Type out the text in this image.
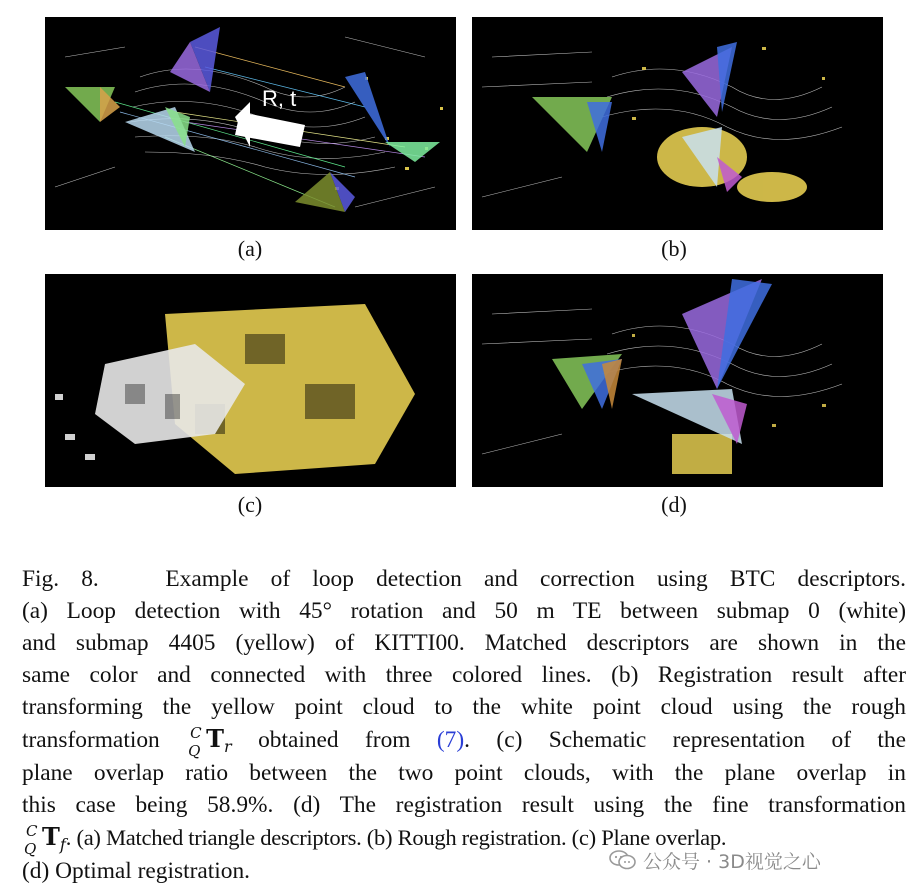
R, t
(a)	(b)
(c)	(d)
Fig. 8.   Example of loop detection and correction using BTC descriptors.
(a) Loop detection with 45° rotation and 50 m TE between submap 0 (white)
and submap 4405 (yellow) of KITTI00. Matched descriptors are shown in the
same color and connected with three colored lines. (b) Registration result after
transforming the yellow point cloud to the white point cloud using the rough
transformation C
Q $T_r$ obtained from (7). (c) Schematic representation of the
plane overlap ratio between the two point clouds, with the plane overlap in
this case being 58.9%. (d) The registration result using the fine transformation
C
Q $T_f$. (a) Matched triangle descriptors. (b) Rough registration. (c) Plane overlap.
(d) Optimal registration.	公众号 · 3D视觉之心
